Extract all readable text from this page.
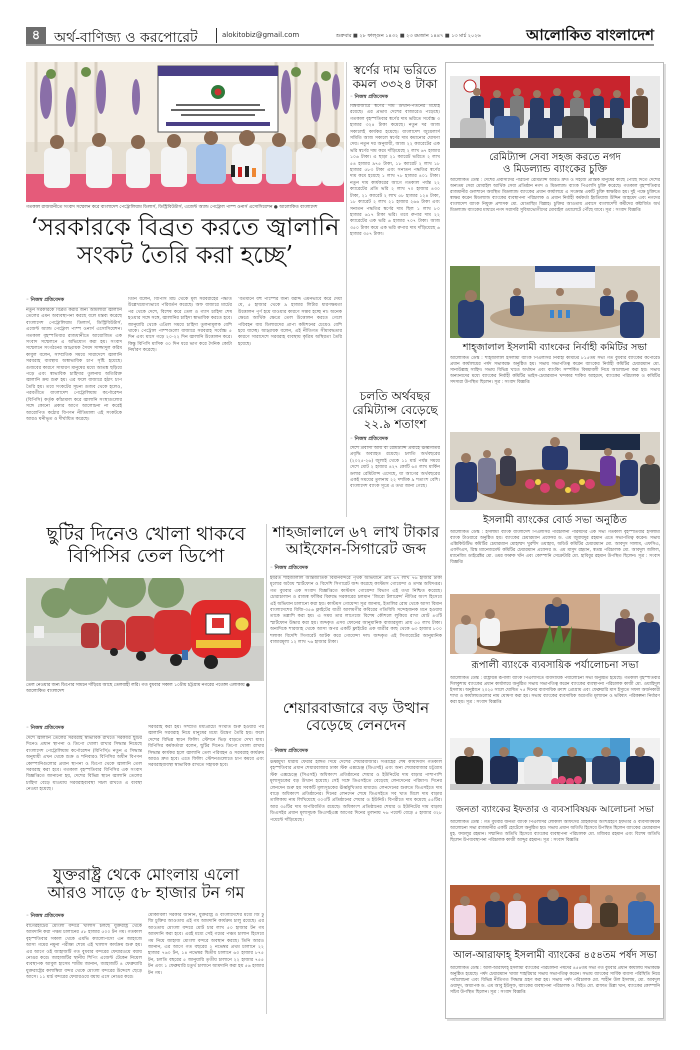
৪ অর্থ-বাণিজ্য ও করপোরেট	alokitobiz@gmail.com	শুক্রবার ■ ২৮ ফাল্গুন ১৪৩২ ■ ২৩ রমজান ১৪৪৭ ■ ১৩ মার্চ ২০২৬	আলোকিত বাংলাদেশ
গতকাল রাজধানীতে সংবাদ সম্মেলন করে বাংলাদেশ পেট্রোলিয়াম ডিলার্স, ডিস্ট্রিবিউটার্স, এজেন্ট অ্যান্ড পেট্রোল পাম্প ওনার্স এসোসিয়েশন ● আলোকিত বাংলাদেশ
‘সরকারকে বিব্রত করতে জ্বালানি
সংকট তৈরি করা হচ্ছে’
◦ নিজস্ব প্রতিবেদক
নতুন সরকারকে বিব্রত করার জন্য আমলারা জ্বালানি তেলের এমন অব্যবস্থাপনা করছে বলে মন্তব্য করেছে বাংলাদেশ পেট্রোলিয়াম ডিলার্স, ডিস্ট্রিবিউটার্স, এজেন্ট অ্যান্ড পেট্রোল পাম্প ওনার্স এসোসিয়েশন। গতকাল বৃহস্পতিবার রাজধানীতে আয়োজিত এক সংবাদ সম্মেলনে এ অভিযোগ করা হয়। সংবাদ সম্মেলনে সংগঠনের আহ্বায়ক সৈয়দ সাজ্জাদুল করিম কাবুল বলেন, সাম্প্রতিক সময়ে সারাদেশে জ্বালানি সরবরাহ ব্যবস্থায় অস্বাভাবিক চাপ সৃষ্টি হয়েছে। গুজবের কারণে সাধারণ মানুষের মধ্যে আতঙ্ক ছড়িয়ে পড়ে এবং স্বাভাবিক চাহিদার তুলনায় অতিরিক্ত জ্বালানি ক্রয় শুরু হয়। এর ফলে বাজারে হঠাৎ চাপ তৈরি হয়। তবে সংকটের সূচনা গুজব থেকে হলেও, পরবর্তীতে বাংলাদেশ পেট্রোলিয়াম কর্পোরেশন (বিপিসি) কর্তৃক কাঁচামাল করে জ্বালানি সংস্থাগুলোর সঙ্গে কোনো প্রকার আগে আলোচনা না করেই আরোপিত কঠোর বিপণন নীতিমালা এই সংকটকে আরও ঘনীভূত ও দীর্ঘায়িত করেছে।
তিনি বলেন, বিপিসি মার্চ থেকে মূল সরবরাহের পদ্ধতি উল্লেখযোগ্যভাবে পরিবর্তন করেছে। অফ বাজারে মার্চের পর থেকে দেশে, বিশেষ করে তেল ও গ্যাস চাহিদা শেষ হওয়ার সঙ্গে সঙ্গে, জ্বালানির চাহিদা স্বাভাবিক করতে হবে। জানুয়ারি থেকে এপ্রিল সময়ে চাহিদা তুলনামূলক বেশি থাকে। পেট্রোল পাম্পগুলো বাজারে সরবরাহ সর্বোচ্চ ৫ দিন এবং মাসে গড়ে ২০-২২ দিন জ্বালানি উত্তোলন করে। কিন্তু বিপিসি মাসিক ৩০ দিন ধরে ভাগ করে দৈনিক কোটা নির্ধারণ করেছে।
‘বর্তমানে বহু পাম্পের জন্য বরাদ্দ এমনভাবে করে দেয়া যে, ৫ হাজার থেকে ৯ হাজার লিটার ধারণক্ষমতা উত্তোলন পূর্ণ হয়ে যাওয়ার কারণে সম্ভব হচ্ছে না। অনেক ক্ষেত্রে আর্থিক ক্ষেত্রে তেল উত্তোলন করতে গেলে পরিবহন ব্যয় ডিলারদের প্রাপ্য কমিশনের চেয়েও বেশি হয়ে যাচ্ছে। আহ্বায়ক বলেন, এই নীতিগত সীমাবদ্ধতার কারণে সারাদেশে সরবরাহ ব্যবস্থায় কৃত্রিম অস্থিরতা তৈরি হয়েছে।
স্বর্ণের দাম ভরিতে
কমল ৩৩২৪ টাকা
◦ নিজস্ব প্রতিবেদক
বিশ্ববাজারে স্বর্ণের দাম উত্থান-পতনের মধ্যেই রয়েছে। এর প্রভাব দেশের বাজারেও পড়েছে। গতকাল বৃহস্পতিবার স্বর্ণের দাম ভরিতে সর্বোচ্চ ৩ হাজার ৩২৪ টাকা কমেছে। নতুন দর আজ সকালেই কার্যকর হয়েছে। বাংলাদেশ জুয়েলার্স সমিতি আজ সকালে স্বর্ণের দাম কমানোর ঘোষণা দেয়। নতুন দর অনুযায়ী, আজ ২২ ক্যারেটের এক ভরি স্বর্ণের দাম কমে দাঁড়িয়েছে ২ লাখ ৬৭ হাজার ১০৬ টাকা। এ ছাড়া ২১ ক্যারেট ভরিতে ২ লাখ ৫৪ হাজার ৯৭৫ টাকা, ১৮ ক্যারেট ২ লাখ ১৮ হাজার ৫৮৩ টাকা এবং সনাতন পদ্ধতির স্বর্ণের দাম কমে হয়েছে ১ লাখ ৭৮ হাজার ৪০১ টাকা। নতুন দাম কার্যকরের আগে গতকাল পর্যন্ত ২২ ক্যারেটের প্রতি ভরি ২ লাখ ৭০ হাজার ৪৩০ টাকা, ২১ ক্যারেট ২ লাখ ৫৮ হাজার ১২৪ টাকা, ১৮ ক্যারেট ২ লাখ ২১ হাজার ২৬৬ টাকা এবং সনাতন পদ্ধতির স্বর্ণের দাম ছিল ১ লাখ ৮০ হাজার ৬১৭ টাকা ভরি। তবে রুপার দাম ২২ ক্যারেটের এক ভরি ৬ হাজার ৭০৭ টাকা। আজ ৩৫০ টাকা কমে এক ভরি রুপার দাম দাঁড়িয়েছে ৬ হাজার ৩৫৭ টাকা।
চলতি অর্থবছর
রেমিট্যান্স বেড়েছে
২২.৯ শতাংশ
◦ নিজস্ব প্রতিবেদক
দেশে প্রবাসী আয় বা রেমিট্যান্স প্রবাহে ঊর্ধ্বগতির প্রবৃদ্ধি অব্যাহত রয়েছে। চলতি অর্থবছরের (২০২৫-২৬) জুলাই থেকে ১১ মার্চ পর্যন্ত সময়ে দেশে মোট ২ হাজার ৪২৭ কোটি ৬০ লাখ মার্কিন ডলার রেমিট্যান্স এসেছে, যা আগের অর্থবছরের একই সময়ের তুলনায় ২২ দশমিক ৯ শতাংশ বেশি। বাংলাদেশ ব্যাংক সূত্রে এ তথ্য জানা গেছে।
ছুটির দিনেও খোলা থাকবে
বিপিসির তেল ডিপো
তেল নেওয়ার জন্য ডিপোর সামনে দাঁড়িয়ে আছে তেলবাহী লরি। গত বুধবার সকাল ১০টায় চট্টগ্রাম নগরের পতেঙ্গা এলাকায় ● আলোকিত বাংলাদেশ
◦ নিজস্ব প্রতিবেদক
দেশে জ্বালানি তেলের সরবরাহ স্বাভাবিক রাখতে সরকারি ছুটির দিনেও প্রধান স্থাপনা ও ডিপো খোলা রাখার সিদ্ধান্ত নিয়েছে বাংলাদেশ পেট্রোলিয়াম কর্পোরেশন (বিপিসি)। নতুন এ সিদ্ধান্ত অনুযায়ী এখন থেকে শুক্র ও শনিবারও বিপিসির অধীন বিপণন কোম্পানিগুলোর প্রধান স্থাপনা ও ডিপো থেকে জ্বালানি তেল সরবরাহ করা হবে। গতকাল বৃহস্পতিবার বিপিসির এক সংবাদ বিজ্ঞপ্তিতে জানানো হয়, দেশের বিভিন্ন স্থানে জ্বালানি তেলের চাহিদা বেড়ে যাওয়ায় সরবরাহব্যবস্থা সচল রাখতে এ ব্যবস্থা নেওয়া হয়েছে।
সরবরাহ করা হয়। সম্প্রতি মধ্যপ্রাচ্যে সংঘাত শুরু হওয়ার পর জ্বালানি সরবরাহ নিয়ে মানুষের মধ্যে উদ্বেগ তৈরি হয়। ফলে দেশের বিভিন্ন স্থানে ফিলিং স্টেশনে ভিড় বাড়তে দেখা যায়। বিপিসির কর্মকর্তারা বলেন, ছুটির দিনেও ডিপো খোলা রাখার সিদ্ধান্ত কার্যকর হলে জ্বালানি তেল পরিবহন ও সরবরাহ কার্যক্রম আরও দ্রুত হবে। এতে ফিলিং স্টেশনগুলোতে চাপ কমবে এবং সরবরাহব্যবস্থা স্বাভাবিক রাখতে সহায়ক হবে।
শাহজালালে ৬৭ লাখ টাকার
আইফোন-সিগারেট জব্দ
◦ নিজস্ব প্রতিবেদক
হযরত শাহজালাল আন্তর্জাতিক বিমানবন্দরে পৃথক অভিযানে প্রায় ৬৭ লাখ ৭৬ হাজার টাকা মূল্যের অবৈধ স্মার্টফোন ও বিদেশি সিগারেট জব্দ করেছে কাস্টমস গোয়েন্দা ও তদন্ত অধিদপ্তর। গত বুধবার এক সংবাদ বিজ্ঞপ্তিতে কাস্টমস গোয়েন্দা বিভাগ এই তথ্য নিশ্চিত করেছে। চোরাচালান ও রাজস্ব ফাঁকির বিরুদ্ধে সরকারের চলমান ‘জিরো টলারেন্স’ নীতির অংশ হিসেবে এই অভিযান চালানো করা হয়। কাস্টমস গোয়েন্দা সূত্র জানায়, ইতালির রোম থেকে আসা বিমান বাংলাদেশের বিজি-৩৫৬ ফ্লাইটের যাত্রী আলমগীর কবিরের গতিবিধি সন্দেহজনক মনে হওয়ায় তাকে তল্লাশি করা হয়। এ সময় তার লাগেজে বিশেষ কৌশলে লুকিয়ে রাখা মোট ৪৩টি স্মার্টফোন উদ্ধার করা হয়। জব্দকৃত এসব ফোনের আনুমানিক বাজারমূল্য প্রায় ৫৫ লাখ টাকা। অন্যদিকে শারজাহ থেকে আসা অপর একটি ফ্লাইটের এক যাত্রীর কাছ থেকে ৬৩ হাজার ৮০০ শলাকা বিদেশি সিগারেট আটক করে গোয়েন্দা দল। জব্দকৃত এই সিগারেটের আনুমানিক বাজারমূল্য ১২ লাখ ৭৬ হাজার টাকা।
শেয়ারবাজারে বড় উত্থান
বেড়েছে লেনদেন
◦ নিজস্ব প্রতিবেদক
ঊর্ধ্বমুখী ধারায় ফেরার ইঙ্গিত দিয়ে দেশের শেয়ারবাজার। সপ্তাহের শেষ কার্যদিবস গতকাল বৃহস্পতিবার প্রধান শেয়ারবাজার ঢাকা স্টক এক্সচেঞ্জ (ডিএসই) এবং অন্য শেয়ারবাজার চট্টগ্রাম স্টক এক্সচেঞ্জে (সিএসই) অধিকাংশ প্রতিষ্ঠানের শেয়ার ও ইউনিটের দাম বাড়ার পাশাপাশি মূল্যসূচকের বড় উত্থান হয়েছে। সেই সঙ্গে ডিএসইতে বেড়েছে লেনদেনের পরিমাণ। দিনের লেনদেন শুরু হয় সবকটি মূল্যসূচকের ঊর্ধ্বমুখিতার মাধ্যমে। লেনদেনের শুরুতে ডিএসইতে দাম বাড়ে অধিকাংশ প্রতিষ্ঠানের। দিনের লেনদেন শেষে ডিএসইতে সব খাত মিলে দাম বাড়ার তালিকায় নাম লিখিয়েছে ৩০৩টি প্রতিষ্ঠানের শেয়ার ও ইউনিট। বিপরীতে দাম কমেছে ৫৫টির। আর ৩৫টির দাম অপরিবর্তিত রয়েছে। অধিকাংশ প্রতিষ্ঠানের শেয়ার ও ইউনিটের দাম বাড়ায় ডিএসইর প্রধান মূল্যসূচক ডিএসইএক্স আগের দিনের তুলনায় ৭৬ পয়েন্ট বেড়ে ৫ হাজার ৩২৮ পয়েন্টে দাঁড়িয়েছে।
যুক্তরাষ্ট্র থেকে মোংলায় এলো
আরও সাড়ে ৫৮ হাজার টন গম
◦ নিজস্ব প্রতিবেদক
বাগেরহাটের মোংলা বন্দরে খালাস চলছে যুক্তরাষ্ট্র থেকে আমদানি করা পঞ্চম চালানের ৫৮ হাজার ৫০০ টন গম। গতকাল বৃহস্পতিবার সকাল থেকে এমভি ক্যালোপসো এন জাহাজে আসা গমের নমুনা পরীক্ষা শেষে এই খালাস কার্যক্রম শুরু হয়। এর আগে ওই জাহাজটি গত বুধবার বন্দরের ফেয়ারওয়ে বয়ায় নোঙর করে। জাহাজটির স্থানীয় শিপিং এজেন্ট টেকেন নিয়েল ব্যবস্থাপক আবুল হাসেম শামীম জানান, জাহাজটি ৪ ফেব্রুয়ারি যুক্তরাষ্ট্রের কলাম্বিয়া বন্দর থেকে মোংলা বন্দরের উদ্দেশে ছেড়ে আসে। ১১ মার্চ বন্দরের ফেয়ারওয়ে বয়ায় এসে নোঙর করে।
মোকাবিলা সরকার জানান, যুক্তরাষ্ট্র ও বাংলাদেশের মধ্যে জি টু জি চুক্তির আওতায় এই গম আমদানি কার্যক্রম চালু রয়েছে। এর আওতায় মোংলা বন্দরে মোট চার লাখ ৫০ হাজার টন গম আমদানি করা হবে। এরই মধ্যে সেই গমের পঞ্চম চালান হিসেবে গম নিয়ে জাহাজ মোংলা বন্দরে অবস্থান করছে। তিনি আরও জানান, এর আগে গত বছরের ২ নভেম্বর প্রথম চালানে ২২ হাজার ৭৬০ টন, ১৪ নভেম্বর দ্বিতীয় চালানে ৬০ হাজার ৮৭৫ টন, চলতি বছরের ৫ জানুয়ারি তৃতীয় চালানে ২২ হাজার ৭৫৫ টন এবং ১ ফেব্রুয়ারি চতুর্থ চালানে আমদানি করা হয় ৫৬ হাজার টন গম।
রেমিট্যান্স সেবা সহজ করতে নগদ
ও মিডল্যান্ড ব্যাংকের চুক্তি
আলোকিত ডেস্ক : দেশের প্রবাসীদের পাঠানো রেমিট্যান্স আরও দ্রুত ও সহজে প্রান্তিক মানুষের কাছে পৌঁছে দিতে দেশের অন্যতম সেরা মোবাইল আর্থিক সেবা প্রতিষ্ঠান নগদ ও মিডল্যান্ড ব্যাংক পিএলসি চুক্তি করেছে। গতকাল বৃহস্পতিবার রাজধানীর গুলশানে অবস্থিত মিডল্যান্ড ব্যাংকের প্রধান কার্যালয়ে এ সংক্রান্ত একটি চুক্তি স্বাক্ষরিত হয়। দুই পক্ষে চুক্তিতে স্বাক্ষর করেন মিডল্যান্ড ব্যাংকের ব্যবস্থাপনা পরিচালক ও প্রধান নির্বাহী কর্মকর্তা ইমতিয়াজ উদ্দিন আহমেদ এবং নগদের বাংলাদেশ ব্যাংক নিযুক্ত প্রশাসক মো. মোতাছিম বিল্লাহ। চুক্তির আওতায় প্রবাসে বাংলাদেশী কর্মীদের কষ্টার্জিত অর্থ মিডল্যান্ড ব্যাংকের মাধ্যমে নগদ সরাসরি সুবিধাভোগীদের মোবাইল ওয়ালেটে পৌঁছে যাবে। সূত্র : সংবাদ বিজ্ঞপ্তি
শাহ্‌জালাল ইসলামী ব্যাংকের নির্বাহী কমিটির সভা
আলোকিত ডেস্ক : শাহ্‌জালাল ইসলামী ব্যাংক পিএলসির নির্বাহী কমিটির ৮১৫তম সভা গত বুধবার ব্যাংকের কর্পোরেট প্রধান কার্যালয়ের পর্ষদ সভাকক্ষে অনুষ্ঠিত হয়। সভায় সভাপতিত্ব করেন ব্যাংকের নির্বাহী কমিটির চেয়ারম্যান মো. সানাউল্লাহ সাহিদ। সভায় বিভিন্ন খাতে অর্থায়ন এবং ব্যাংকিং সম্পর্কিত বিষয়াবলী নিয়ে আলোচনা করা হয়। সভায় অন্যান্যদের মধ্যে ব্যাংকের নির্বাহী কমিটির ভাইস-চেয়ারম্যান খন্দকার শাকিব আহমেদ, ব্যাংকের পরিচালক ও কমিটির সদস্যরা উপস্থিত ছিলেন। সূত্র : সংবাদ বিজ্ঞপ্তি
ইসলামী ব্যাংকের বোর্ড সভা অনুষ্ঠিত
আলোকিত ডেস্ক : ইসলামী ব্যাংক বাংলাদেশ পিএলসির পরিচালনা পরিষদের এক সভা গতকাল বৃহস্পতিবার ইসলামী ব্যাংক টাওয়ারে অনুষ্ঠিত হয়। ব্যাংকের চেয়ারম্যান প্রফেসর ড. এম জুবায়দুর রহমান এতে সভাপতিত্ব করেন। সভায় এক্সিকিউটিভ কমিটির চেয়ারম্যান মোহাম্মদ খুরশীদ ওয়াহাব, অডিট কমিটির চেয়ারম্যান মো. আবদুস সালাম, এফসিএ, এফসিএস, রিস্ক ম্যানেজমেন্ট কমিটির চেয়ারম্যান প্রফেসর ড. এম মাসুদ রহমান, স্বতন্ত্র পরিচালক মো. আবদুল জলিল, ম্যানেজিং ডাইরেক্টর মো. ওমর ফারুক খাঁন এবং কোম্পানি সেক্রেটারি মো. হাবিবুর রহমান উপস্থিত ছিলেন। সূত্র : সংবাদ বিজ্ঞপ্তি
রূপালী ব্যাংকে ব্যবসায়িক পর্যালোচনা সভা
আলোকিত ডেস্ক : রাষ্ট্রায়ত্ত রূপালী ব্যাংক পিএলসিতে ব্যবসায়িক পর্যালোচনা সভা অনুষ্ঠিত হয়েছে। গতকাল বৃহস্পতিবার দিলকুশায় ব্যাংকের প্রধান কার্যালয়ে অনুষ্ঠিত সভায় সভাপতিত্ব করেন ব্যাংকের ব্যবস্থাপনা পরিচালক কাজী মো. ওয়াহিদুল ইসলাম। অনুষ্ঠানে ২০২৫ সালে ঘোষিত ৭৫ দিনের ব্যবসায়িক ক্র্যাশ প্রোগ্রাম এবং ফেব্রুয়ারি মাস ইস্যুতে সফল অর্জনকারী শাখা ও কার্যালয়গুলোর নাম ঘোষণা করা হয়। সভায় ব্যাংকের ব্যবসায়িক অগ্রগতি মূল্যায়ন ও ভবিষ্যৎ পরিকল্পনা নির্ধারণ করা হয়। সূত্র : সংবাদ বিজ্ঞপ্তি
জনতা ব্যাংকের ইফতার ও ব্যবসাবিষয়ক আলোচনা সভা
আলোকিত ডেস্ক : গত বুধবার জনতা ব্যাংক পিএলসির লোকাল অফিসের গ্রাহকদের অংশগ্রহণে ইফতার ও ব্যবসাবিষয়ক আলোচনা সভা রাজধানীর একটি হোটেলে অনুষ্ঠিত হয়। সভায় প্রধান অতিথি হিসেবে উপস্থিত ছিলেন ব্যাংকের চেয়ারম্যান মুহ. ফজলুর রহমান। সম্মানিত অতিথি হিসেবে ব্যাংকের ব্যবস্থাপনা পরিচালক মো. মজিবর রহমান এবং বিশেষ অতিথি ছিলেন উপব্যবস্থাপনা পরিচালক কাজী আব্দুর রহমান। সূত্র : সংবাদ বিজ্ঞপ্তি
আল-আরাফাহ্‌ ইসলামী ব্যাংকের ৪৫৪তম পর্ষদ সভা
আলোকিত ডেস্ক : আল-আরাফাহ্‌ ইসলামী ব্যাংকের পরিচালনা পর্ষদের ৪৫৪তম সভা গত বুধবার প্রধান কার্যালয় সভাকক্ষে অনুষ্ঠিত হয়েছে। পর্ষদ চেয়ারম্যান খাজা শাহরিয়ার সভায় সভাপতিত্ব করেন। সভায় ব্যাংকের সার্বিক ব্যবসা পরিস্থিতি নিয়ে পর্যালোচনা এবং বিভিন্ন নীতিগত সিদ্ধান্ত গ্রহণ করা হয়। সভায় পর্ষদ পরিচালক মো. শাহীন উল ইসলাম, মো. আবদুল ওয়াদুদ, অধ্যাপক ড. এম আবু ইউসুফ, ব্যাংকের ব্যবস্থাপনা পরিচালক ও সিইও মো. রাফাত উল্লা খান, ব্যাংকের কোম্পানি সচিব উপস্থিত ছিলেন। সূত্র : সংবাদ বিজ্ঞপ্তি
